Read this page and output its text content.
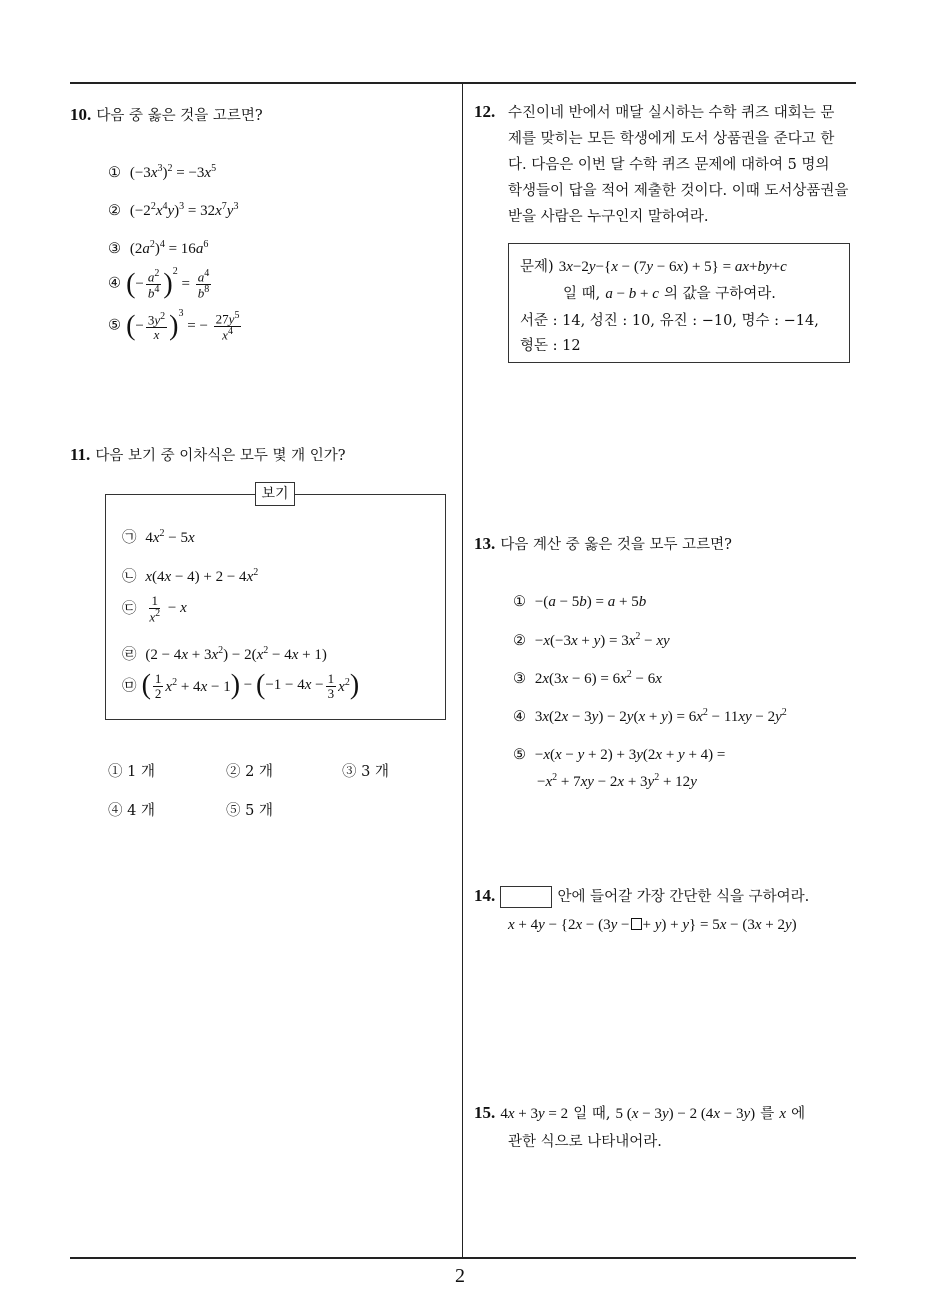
2
10. 다음 중 옳은 것을 고르면?
① $(-3x^3)^2 = -3x^5$
② $(-2^2x^4y)^3 = 32x^7y^3$
③ $(2a^2)^4 = 16a^6$
④ (− $\frac{a^2}{b^4} )^2 = \frac{a^4}{b^8}$
⑤ (− $\frac{3y^2}{x} )^3$ = − $\frac{27y^5}{x^4}$
11. 다음 보기 중 이차식은 모두 몇 개 인가?
보기
㉠ $4x^2 - 5x$
㉡  $x(4x - 4) + 2 - 4x^2$
㉢ $\frac{1}{x^2} - x$
㉣ $(2 - 4x + 3x^2) - 2(x^2 - 4x + 1)$
㉤ ( $\frac{1}{2} x^2 + 4x - 1) - (-1 - 4x - \frac{1}{3} x^2)$
① 1 개	② 2 개	③ 3 개
④ 4 개	⑤ 5 개
12. 수진이네 반에서 매달 실시하는 수학 퀴즈 대회는 문
제를 맞히는 모든 학생에게 도서 상품권을 준다고 한
다. 다음은 이번 달 수학 퀴즈 문제에 대하여 5 명의
학생들이 답을 적어 제출한 것이다. 이때 도서상품권을
받을 사람은 누구인지 말하여라.
문제) 3x−2y−{x − (7y − 6x) + 5} = ax+by+c
일 때, a − b + c 의 값을 구하여라.
서준 : 14, 성진 : 10, 유진 : −10, 명수 : −14,
형돈 : 12
13. 다음 계산 중 옳은 것을 모두 고르면?
① −(a − 5b) = a + 5b
② $-x(-3x + y) = 3x^2$ − xy
③ $2x(3x - 6) = 6x^2 - 6x$
④ $3x(2x - 3y) - 2y(x + y) = 6x^2 - 11xy - 2y^2$
⑤ −x(x − y + 2) + 3y(2x + y + 4) =
$-x^2 + 7xy - 2x + 3y^2 + 12y$
14.	안에 들어갈 가장 간단한 식을 구하여라.
x + 4y − {2x − (3y − + y) + y} = 5x − (3x + 2y)
15. 4x + 3y = 2 일 때, 5 (x − 3y) − 2 (4x − 3y) 를 x 에
관한 식으로 나타내어라.
